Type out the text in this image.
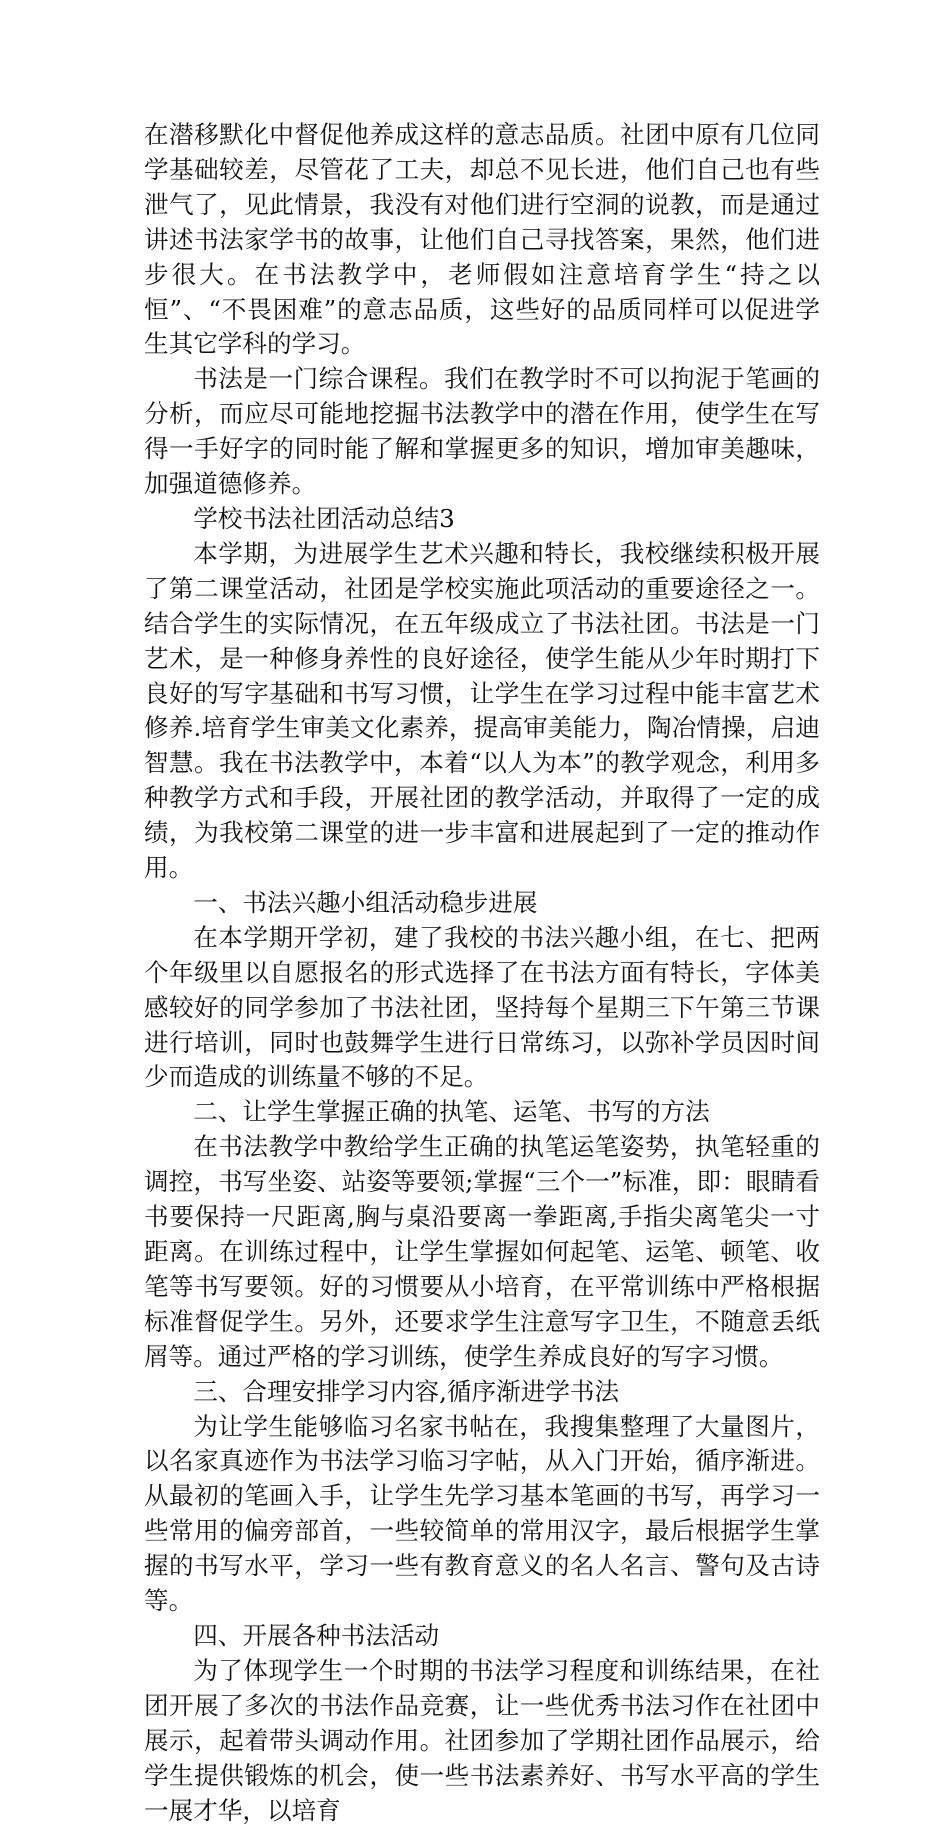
在潜移默化中督促他养成这样的意志品质。社团中原有几位同学基础较差，尽管花了工夫，却总不见长进，他们自己也有些泄气了，见此情景，我没有对他们进行空洞的说教，而是通过讲述书法家学书的故事，让他们自己寻找答案，果然，他们进步很大。在书法教学中，老师假如注意培育学生“持之以恒”、“不畏困难”的意志品质，这些好的品质同样可以促进学生其它学科的学习。

书法是一门综合课程。我们在教学时不可以拘泥于笔画的分析，而应尽可能地挖掘书法教学中的潜在作用，使学生在写得一手好字的同时能了解和掌握更多的知识，增加审美趣味，加强道德修养。

学校书法社团活动总结3

本学期，为进展学生艺术兴趣和特长，我校继续积极开展了第二课堂活动，社团是学校实施此项活动的重要途径之一。结合学生的实际情况，在五年级成立了书法社团。书法是一门艺术，是一种修身养性的良好途径，使学生能从少年时期打下良好的写字基础和书写习惯，让学生在学习过程中能丰富艺术修养.培育学生审美文化素养，提高审美能力，陶冶情操，启迪智慧。我在书法教学中，本着“以人为本”的教学观念，利用多种教学方式和手段，开展社团的教学活动，并取得了一定的成绩，为我校第二课堂的进一步丰富和进展起到了一定的推动作用。

一、书法兴趣小组活动稳步进展

在本学期开学初，建了我校的书法兴趣小组，在七、把两个年级里以自愿报名的形式选择了在书法方面有特长，字体美感较好的同学参加了书法社团，坚持每个星期三下午第三节课进行培训，同时也鼓舞学生进行日常练习，以弥补学员因时间少而造成的训练量不够的不足。

二、让学生掌握正确的执笔、运笔、书写的方法

在书法教学中教给学生正确的执笔运笔姿势，执笔轻重的调控，书写坐姿、站姿等要领;掌握“三个一”标准，即：眼睛看书要保持一尺距离,胸与桌沿要离一拳距离,手指尖离笔尖一寸距离。在训练过程中，让学生掌握如何起笔、运笔、顿笔、收笔等书写要领。好的习惯要从小培育，在平常训练中严格根据标准督促学生。另外，还要求学生注意写字卫生，不随意丢纸屑等。通过严格的学习训练，使学生养成良好的写字习惯。

三、合理安排学习内容,循序渐进学书法

为让学生能够临习名家书帖在，我搜集整理了大量图片，以名家真迹作为书法学习临习字帖，从入门开始，循序渐进。从最初的笔画入手，让学生先学习基本笔画的书写，再学习一些常用的偏旁部首，一些较简单的常用汉字，最后根据学生掌握的书写水平，学习一些有教育意义的名人名言、警句及古诗等。

四、开展各种书法活动

为了体现学生一个时期的书法学习程度和训练结果，在社团开展了多次的书法作品竞赛，让一些优秀书法习作在社团中展示，起着带头调动作用。社团参加了学期社团作品展示，给学生提供锻炼的机会，使一些书法素养好、书写水平高的学生一展才华，以培育
